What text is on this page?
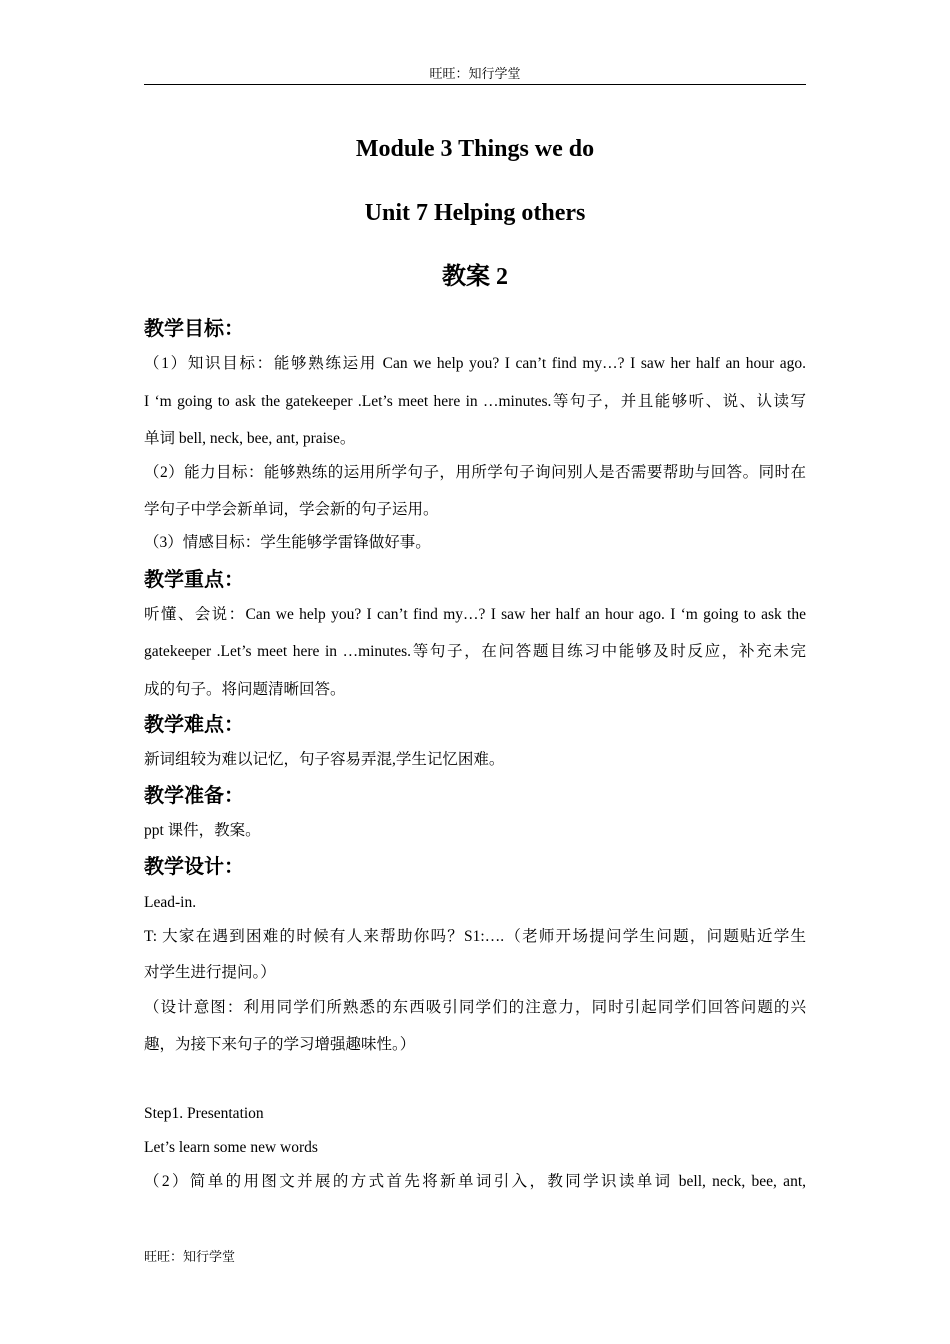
旺旺：知行学堂
Module 3 Things we do
Unit 7 Helping others
教案 2
教学目标：
（1）知识目标：能够熟练运用 Can we help you? I can’t find my…? I saw her half an hour ago.
I ‘m going to ask the gatekeeper .Let’s meet here in …minutes.等句子，并且能够听、说、认读写
单词 bell, neck, bee, ant, praise。
（2）能力目标：能够熟练的运用所学句子，用所学句子询问别人是否需要帮助与回答。同时在
学句子中学会新单词，学会新的句子运用。
（3）情感目标：学生能够学雷锋做好事。
教学重点：
听懂、会说：Can we help you? I can’t find my…? I saw her half an hour ago. I ‘m going to ask the
gatekeeper .Let’s meet here in …minutes.等句子，在问答题目练习中能够及时反应，补充未完
成的句子。将问题清晰回答。
教学难点：
新词组较为难以记忆，句子容易弄混,学生记忆困难。
教学准备：
ppt 课件，教案。
教学设计：
Lead-in.
T: 大家在遇到困难的时候有人来帮助你吗？S1:….（老师开场提问学生问题，问题贴近学生
对学生进行提问。）
（设计意图：利用同学们所熟悉的东西吸引同学们的注意力，同时引起同学们回答问题的兴
趣，为接下来句子的学习增强趣味性。）
Step1. Presentation
Let’s learn some new words
（2）简单的用图文并展的方式首先将新单词引入，教同学识读单词 bell, neck, bee, ant,
旺旺：知行学堂
